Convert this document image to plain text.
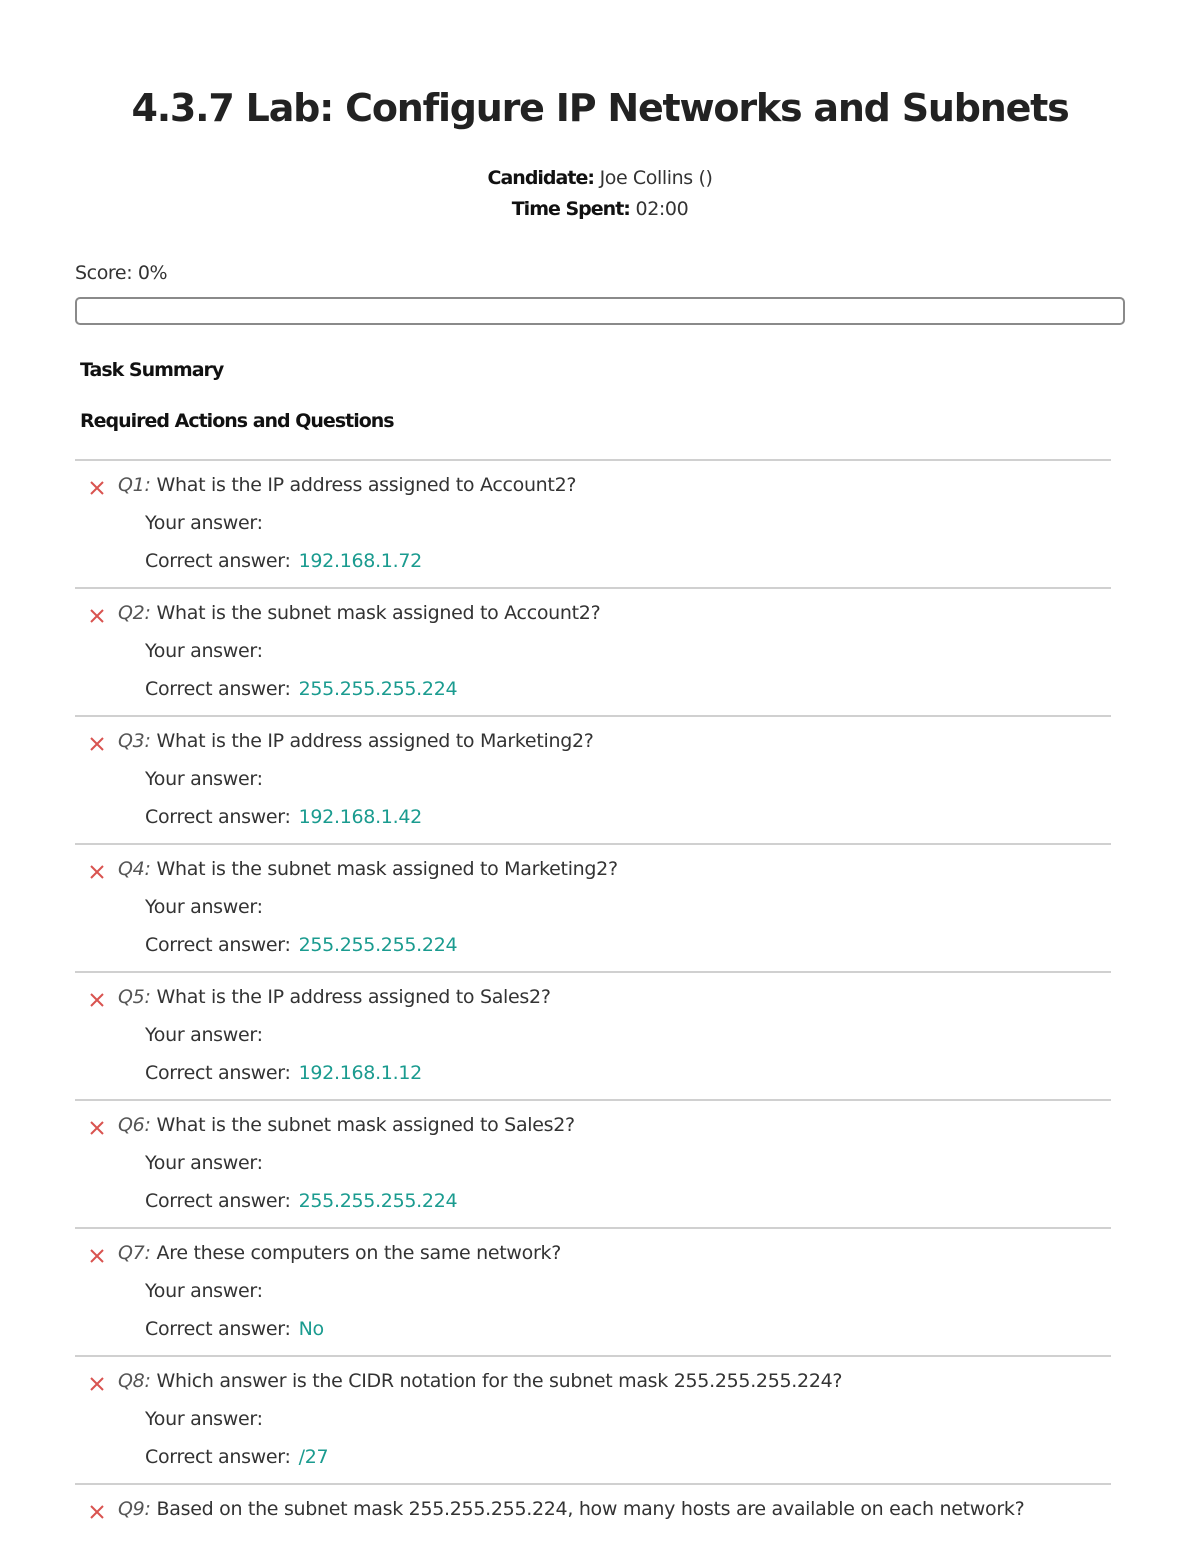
4.3.7 Lab: Configure IP Networks and Subnets
Candidate: Joe Collins ()
Time Spent: 02:00
Score: 0%
Task Summary
Required Actions and Questions
Q1: What is the IP address assigned to Account2?
Your answer:
Correct answer: 192.168.1.72
Q2: What is the subnet mask assigned to Account2?
Your answer:
Correct answer: 255.255.255.224
Q3: What is the IP address assigned to Marketing2?
Your answer:
Correct answer: 192.168.1.42
Q4: What is the subnet mask assigned to Marketing2?
Your answer:
Correct answer: 255.255.255.224
Q5: What is the IP address assigned to Sales2?
Your answer:
Correct answer: 192.168.1.12
Q6: What is the subnet mask assigned to Sales2?
Your answer:
Correct answer: 255.255.255.224
Q7: Are these computers on the same network?
Your answer:
Correct answer: No
Q8: Which answer is the CIDR notation for the subnet mask 255.255.255.224?
Your answer:
Correct answer: /27
Q9: Based on the subnet mask 255.255.255.224, how many hosts are available on each network?
